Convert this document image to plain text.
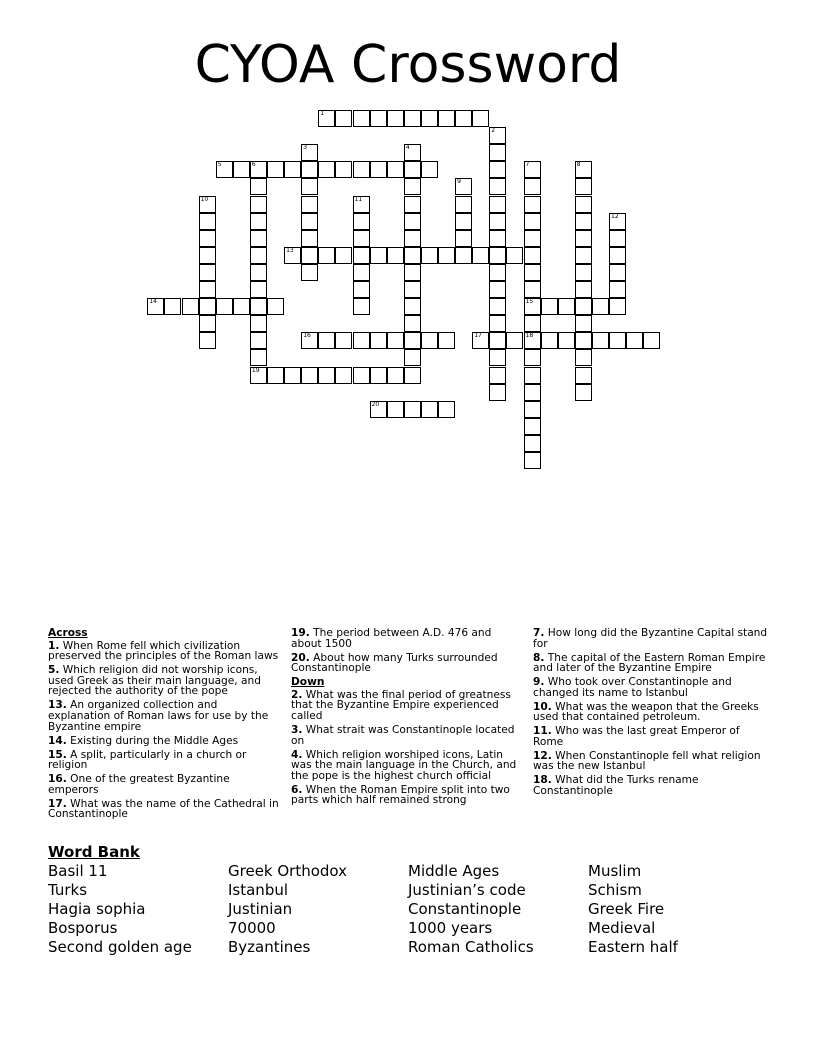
CYOA Crossword
1
2
3	4
5	6	7
15
18
8
9
10	11
12
13
14
16	17
19
20
Across
1. When Rome fell which civilization preserved the principles of the Roman laws
5. Which religion did not worship icons, used Greek as their main language, and rejected the authority of the pope
13. An organized collection and explanation of Roman laws for use by the Byzantine empire
14. Existing during the Middle Ages
15. A split, particularly in a church or religion
16. One of the greatest Byzantine emperors
17. What was the name of the Cathedral in Constantinople
19. The period between A.D. 476 and about 1500
20. About how many Turks surrounded Constantinople
Down
2. What was the final period of greatness that the Byzantine Empire experienced called
3. What strait was Constantinople located on
4. Which religion worshiped icons, Latin was the main language in the Church, and the pope is the highest church official
6. When the Roman Empire split into two parts which half remained strong
7. How long did the Byzantine Capital stand for
8. The capital of the Eastern Roman Empire and later of the Byzantine Empire
9. Who took over Constantinople and changed its name to Istanbul
10. What was the weapon that the Greeks used that contained petroleum.
11. Who was the last great Emperor of Rome
12. When Constantinople fell what religion was the new Istanbul
18. What did the Turks rename Constantinople
Word Bank
Basil 11	Greek Orthodox	Middle Ages	Muslim
Turks	Istanbul	Justinian’s code	Schism
Hagia sophia	Justinian	Constantinople	Greek Fire
Bosporus	70000	1000 years	Medieval
Second golden age	Byzantines	Roman Catholics	Eastern half
